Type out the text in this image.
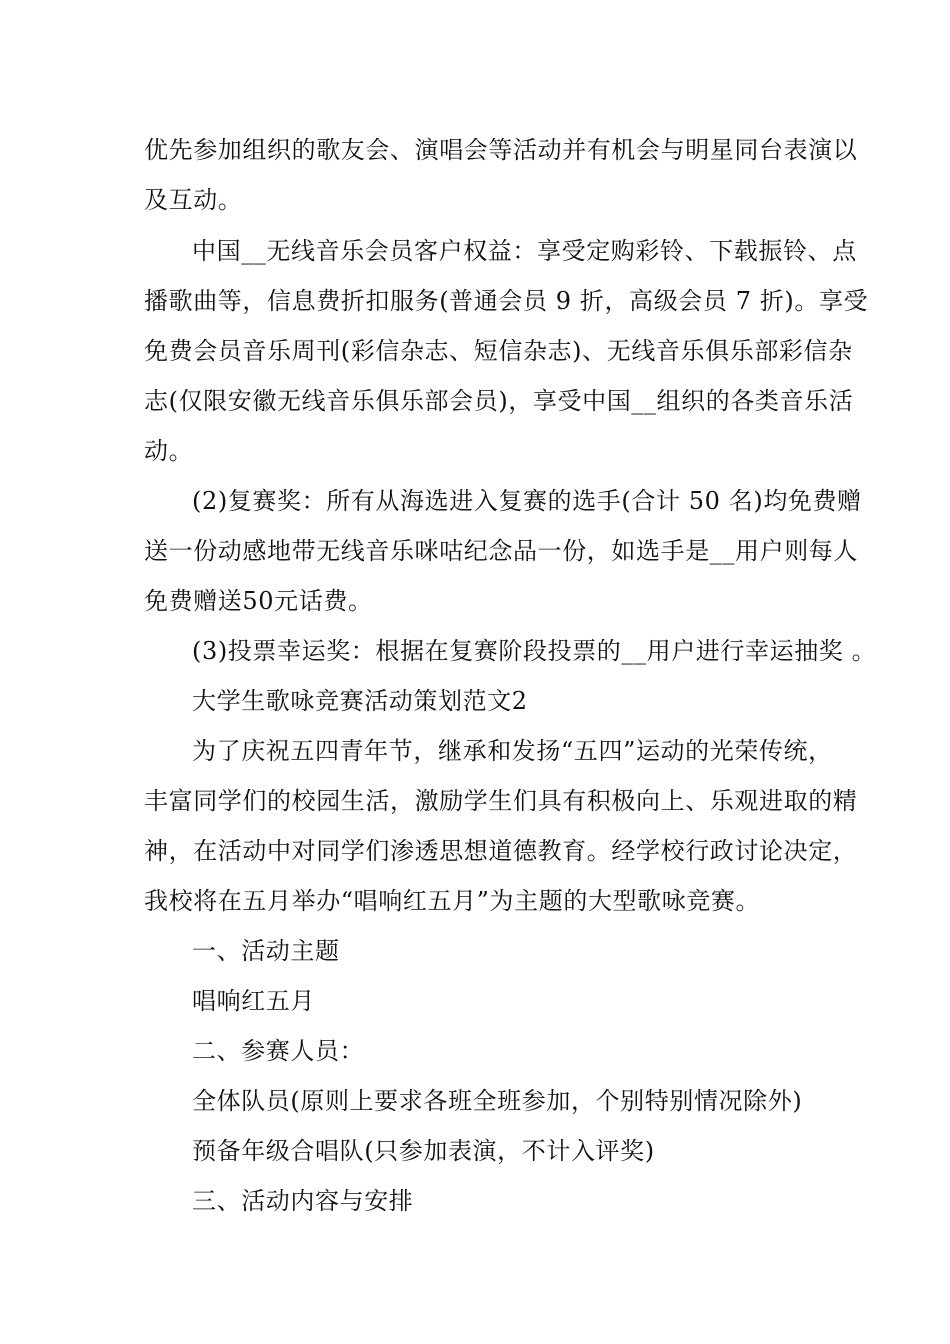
优先参加组织的歌友会、演唱会等活动并有机会与明星同台表演以
及互动。
中国__无线音乐会员客户权益：享受定购彩铃、下载振铃、点
播歌曲等，信息费折扣服务(普通会员 9 折，高级会员 7 折)。享受
免费会员音乐周刊(彩信杂志、短信杂志)、无线音乐俱乐部彩信杂
志(仅限安徽无线音乐俱乐部会员)，享受中国__组织的各类音乐活
动。
(2)复赛奖：所有从海选进入复赛的选手(合计 50 名)均免费赠
送一份动感地带无线音乐咪咕纪念品一份，如选手是__用户则每人
免费赠送50元话费。
(3)投票幸运奖：根据在复赛阶段投票的__用户进行幸运抽奖 。
大学生歌咏竞赛活动策划范文2
为了庆祝五四青年节，继承和发扬“五四”运动的光荣传统，
丰富同学们的校园生活，激励学生们具有积极向上、乐观进取的精
神，在活动中对同学们渗透思想道德教育。经学校行政讨论决定，
我校将在五月举办“唱响红五月”为主题的大型歌咏竞赛。
一、活动主题
唱响红五月
二、参赛人员：
全体队员(原则上要求各班全班参加，个别特别情况除外)
预备年级合唱队(只参加表演，不计入评奖)
三、活动内容与安排
